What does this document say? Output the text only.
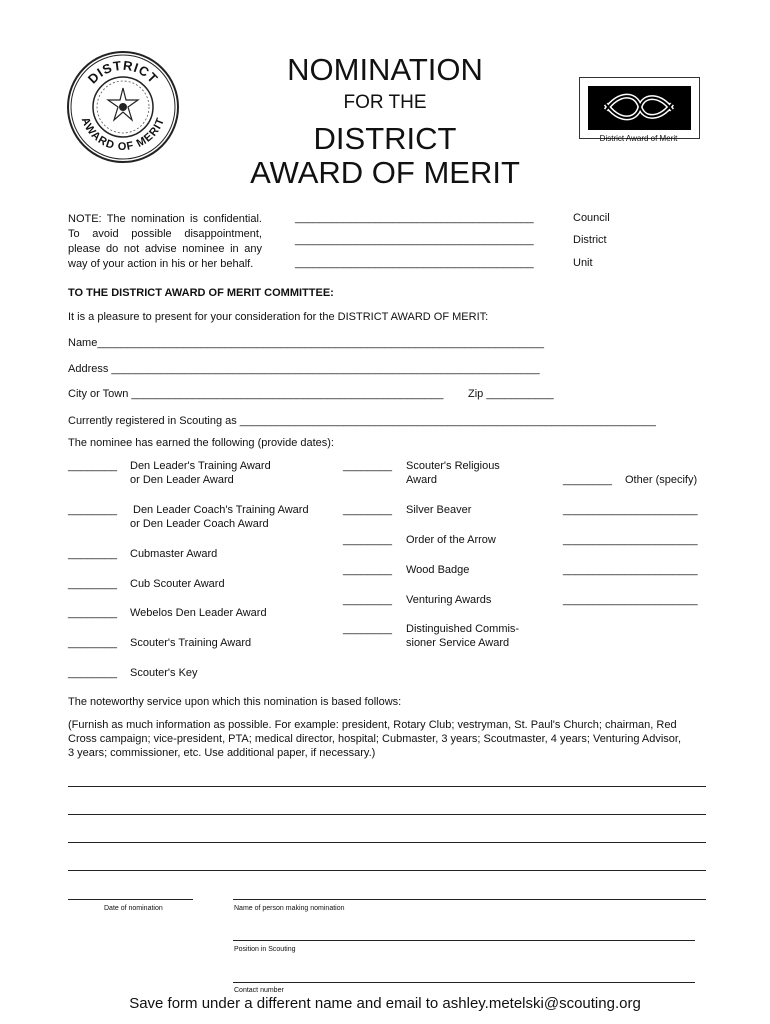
DISTRICT
AWARD OF MERIT
NOMINATION
FOR THE
DISTRICT
AWARD OF MERIT
District Award of Merit
NOTE: The nomination is confidential. To avoid possible disappointment, please do not advise nominee in any way of your action in his or her behalf.
_______________________________________	Council
_______________________________________	District
_______________________________________	Unit
TO THE DISTRICT AWARD OF MERIT COMMITTEE:
It is a pleasure to present for your consideration for the DISTRICT AWARD OF MERIT:
Name_________________________________________________________________________
Address ______________________________________________________________________
City or Town ___________________________________________________ Zip ___________
Currently registered in Scouting as ____________________________________________________________________
The nominee has earned the following (provide dates):
________ Den Leader's Training Award
or Den Leader Award
________ Den Leader Coach's Training Award
or Den Leader Coach Award
________ Cubmaster Award
________ Cub Scouter Award
________ Webelos Den Leader Award
________ Scouter's Training Award
________ Scouter's Key
________ Scouter's Religious
Award
________ Silver Beaver
________ Order of the Arrow
________ Wood Badge
________ Venturing Awards
________ Distinguished Commis-
sioner Service Award
________ Other (specify)
______________________
______________________
______________________
______________________
The noteworthy service upon which this nomination is based follows:
(Furnish as much information as possible. For example: president, Rotary Club; vestryman, St. Paul's Church; chairman, Red
Cross campaign; vice-president, PTA; medical director, hospital; Cubmaster, 3 years; Scoutmaster, 4 years; Venturing Advisor,
3 years; commissioner, etc. Use additional paper, if necessary.)
Date of nomination	Name of person making nomination
Position in Scouting
Contact number
Save form under a different name and email to ashley.metelski@scouting.org
